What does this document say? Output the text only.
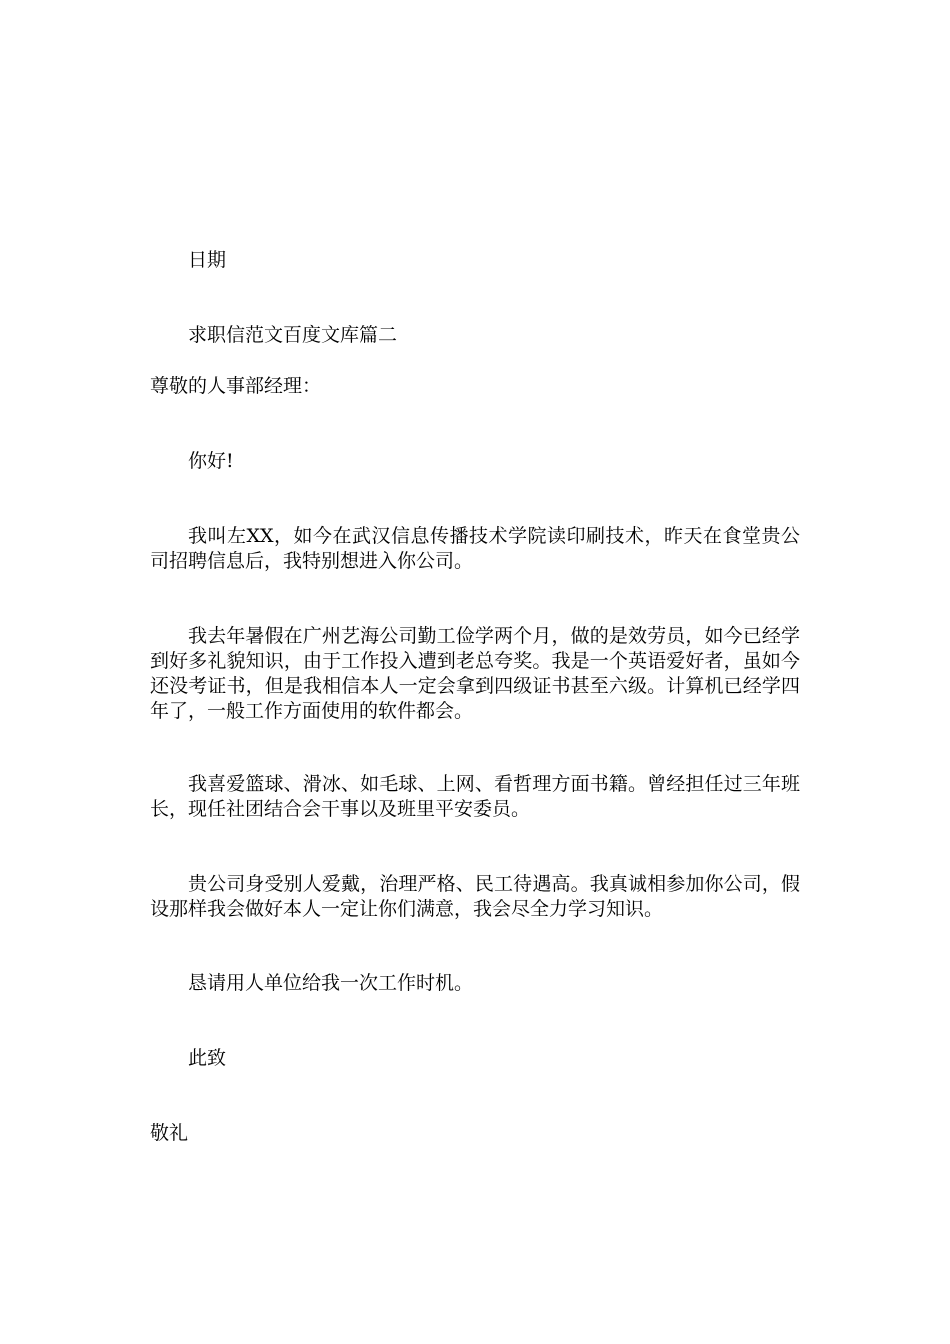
日期

求职信范文百度文库篇二

尊敬的人事部经理：

你好!

我叫左XX，如今在武汉信息传播技术学院读印刷技术，昨天在食堂贵公司招聘信息后，我特别想进入你公司。

我去年暑假在广州艺海公司勤工俭学两个月，做的是效劳员，如今已经学到好多礼貌知识，由于工作投入遭到老总夸奖。我是一个英语爱好者，虽如今还没考证书，但是我相信本人一定会拿到四级证书甚至六级。计算机已经学四年了，一般工作方面使用的软件都会。

我喜爱篮球、滑冰、如毛球、上网、看哲理方面书籍。曾经担任过三年班长，现任社团结合会干事以及班里平安委员。

贵公司身受别人爱戴，治理严格、民工待遇高。我真诚相参加你公司，假设那样我会做好本人一定让你们满意，我会尽全力学习知识。

恳请用人单位给我一次工作时机。

此致

敬礼
